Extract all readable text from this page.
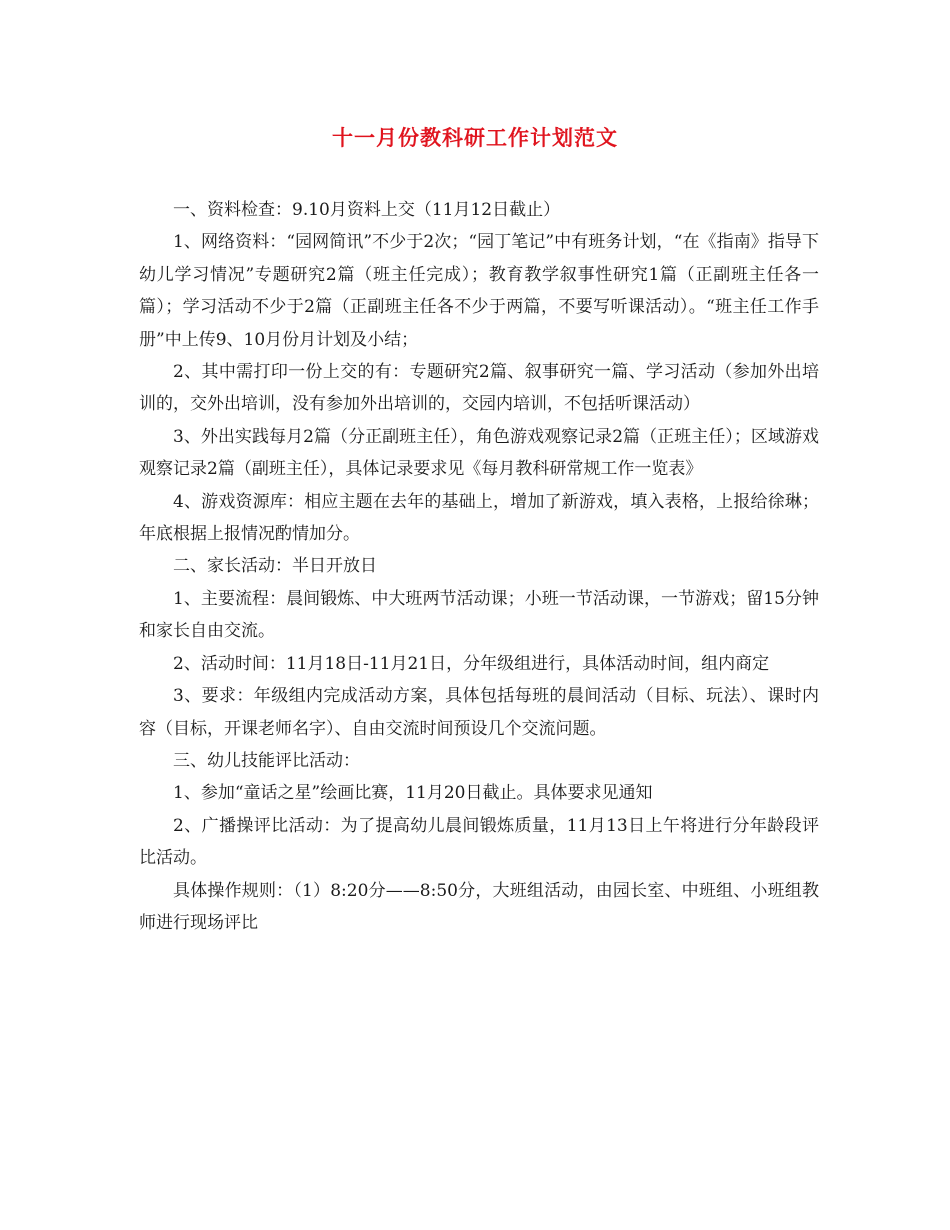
十一月份教科研工作计划范文

一、资料检查：9.10月资料上交（11月12日截止）

1、网络资料：“园网简讯”不少于2次；“园丁笔记”中有班务计划，“在《指南》指导下幼儿学习情况”专题研究2篇（班主任完成）；教育教学叙事性研究1篇（正副班主任各一篇）；学习活动不少于2篇（正副班主任各不少于两篇，不要写听课活动）。“班主任工作手册”中上传9、10月份月计划及小结；

2、其中需打印一份上交的有：专题研究2篇、叙事研究一篇、学习活动（参加外出培训的，交外出培训，没有参加外出培训的，交园内培训，不包括听课活动）

3、外出实践每月2篇（分正副班主任），角色游戏观察记录2篇（正班主任）；区域游戏观察记录2篇（副班主任），具体记录要求见《每月教科研常规工作一览表》

4、游戏资源库：相应主题在去年的基础上，增加了新游戏，填入表格，上报给徐琳；年底根据上报情况酌情加分。

二、家长活动：半日开放日

1、主要流程：晨间锻炼、中大班两节活动课；小班一节活动课，一节游戏；留15分钟和家长自由交流。

2、活动时间：11月18日-11月21日，分年级组进行，具体活动时间，组内商定

3、要求：年级组内完成活动方案，具体包括每班的晨间活动（目标、玩法）、课时内容（目标，开课老师名字）、自由交流时间预设几个交流问题。

三、幼儿技能评比活动：

1、参加“童话之星”绘画比赛，11月20日截止。具体要求见通知

2、广播操评比活动：为了提高幼儿晨间锻炼质量，11月13日上午将进行分年龄段评比活动。

具体操作规则：（1）8:20分——8:50分，大班组活动，由园长室、中班组、小班组教师进行现场评比
